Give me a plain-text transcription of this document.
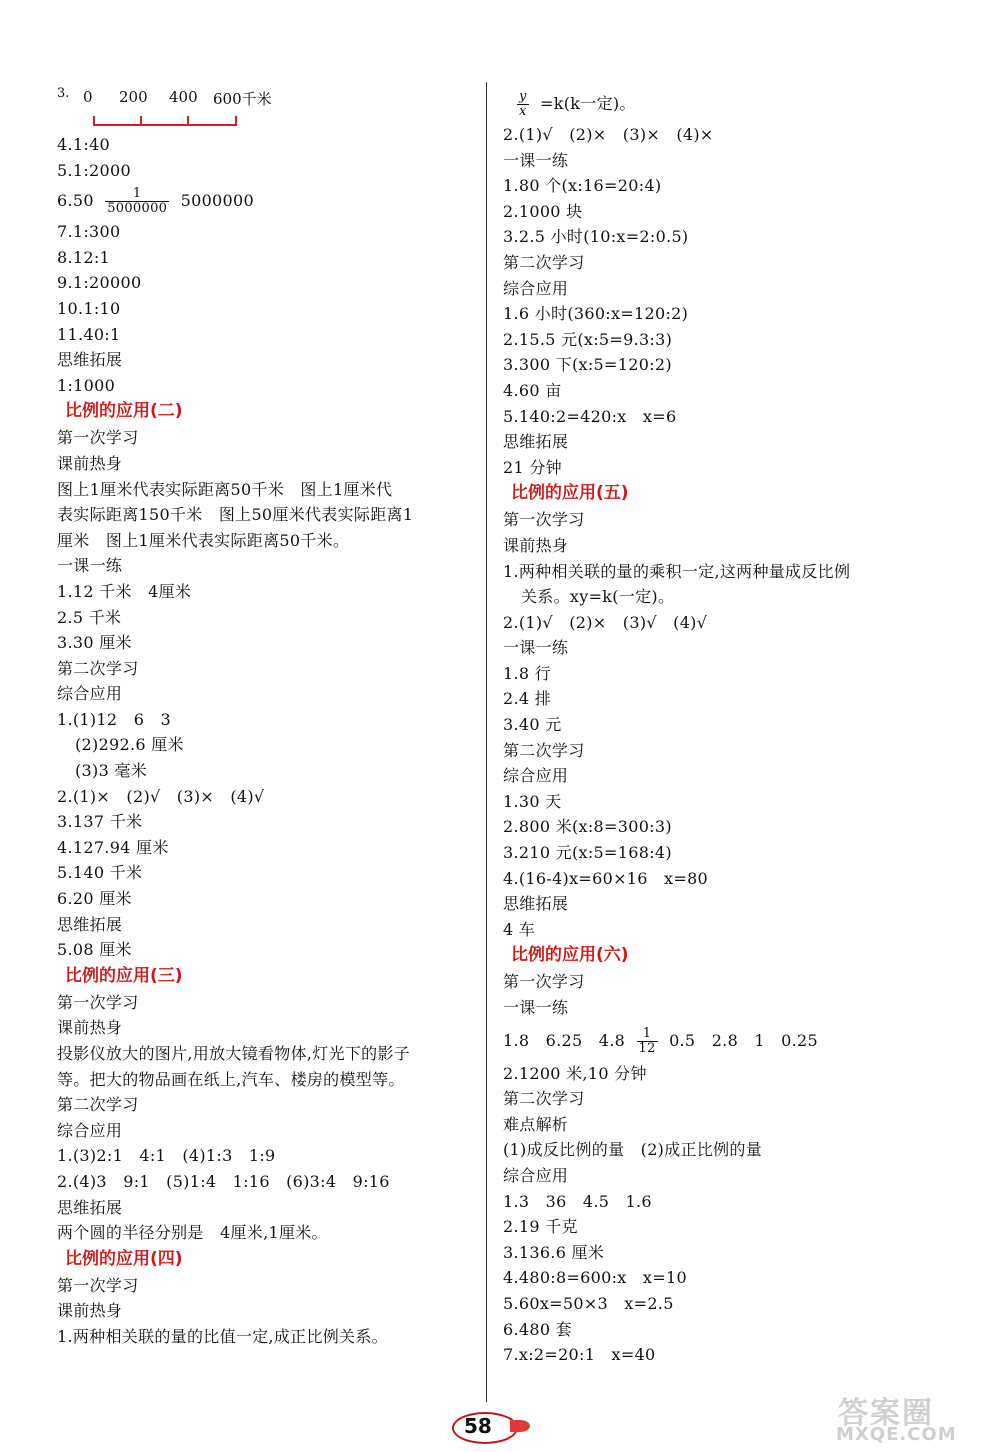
3. 0 200 400 600千米
4.1:40
5.1:2000
$6.50 \frac{1}{5000000} 5000000$
7.1:300
8.12:1
9.1:20000
10.1:10
11.40:1
思维拓展
1:1000
比例的应用(二)
第一次学习
课前热身
图上1厘米代表实际距离50千米　图上1厘米代
表实际距离150千米　图上50厘米代表实际距离1
厘米　图上1厘米代表实际距离50千米。
一课一练
1.12 千米　4厘米
2.5 千米
3.30 厘米
第二次学习
综合应用
1.(1)12　6　3
(2)292.6 厘米
(3)3 毫米
2.(1)×　(2)√　(3)×　(4)√
3.137 千米
4.127.94 厘米
5.140 千米
6.20 厘米
思维拓展
5.08 厘米
比例的应用(三)
第一次学习
课前热身
投影仪放大的图片,用放大镜看物体,灯光下的影子
等。把大的物品画在纸上,汽车、楼房的模型等。
第二次学习
综合应用
1.(3)2:1　4:1　(4)1:3　1:9
2.(4)3　9:1　(5)1:4　1:16　(6)3:4　9:16
思维拓展
两个圆的半径分别是　4厘米,1厘米。
比例的应用(四)
第一次学习
课前热身
1.两种相关联的量的比值一定,成正比例关系。
$\frac{y}{x} =k(k$一定)。
2.(1)√　(2)×　(3)×　(4)×
一课一练
1.80 个(x:16=20:4)
2.1000 块
3.2.5 小时(10:x=2:0.5)
第二次学习
综合应用
1.6 小时(360:x=120:2)
2.15.5 元(x:5=9.3:3)
3.300 下(x:5=120:2)
4.60 亩
5.140:2=420:x　x=6
思维拓展
21 分钟
比例的应用(五)
第一次学习
课前热身
1.两种相关联的量的乘积一定,这两种量成反比例
关系。xy=k(一定)。
2.(1)√　(2)×　(3)√　(4)√
一课一练
1.8 行
2.4 排
3.40 元
第二次学习
综合应用
1.30 天
2.800 米(x:8=300:3)
3.210 元(x:5=168:4)
4.(16-4)x=60×16　x=80
思维拓展
4 车
比例的应用(六)
第一次学习
一课一练
1.8　6.25　$4.8 \frac{1}{12} 0.5$　2.8　1　0.25
2.1200 米,10 分钟
第二次学习
难点解析
(1)成反比例的量　(2)成正比例的量
综合应用
1.3　36　4.5　1.6
2.19 千克
3.136.6 厘米
4.480:8=600:x　x=10
5.60x=50×3　x=2.5
6.480 套
7.x:2=20:1　x=40
58	答案圈
MXQE.COM
